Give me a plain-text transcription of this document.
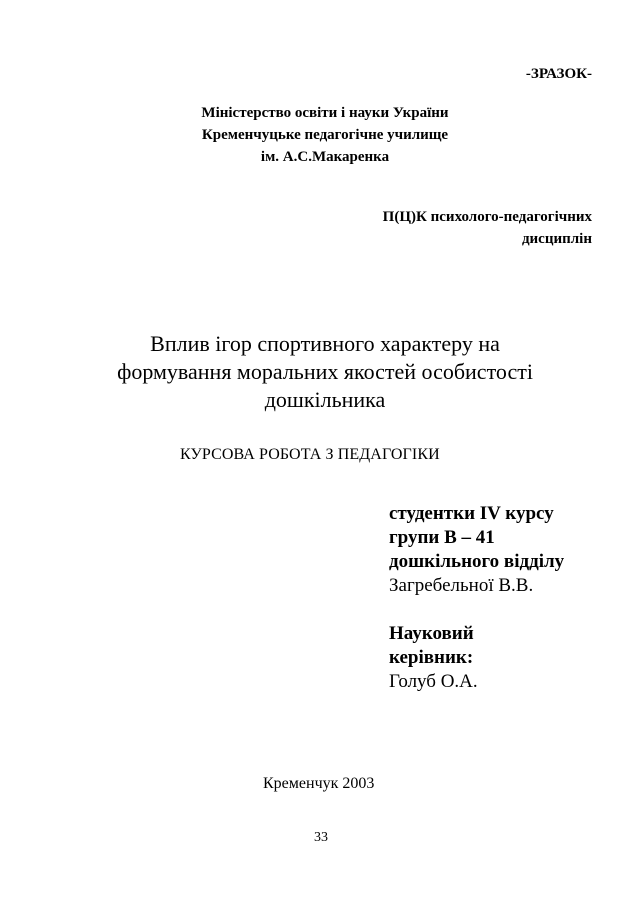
-ЗРАЗОК-
Міністерство освіти і науки України
Кременчуцьке педагогічне училище
ім. А.С.Макаренка
П(Ц)К психолого-педагогічних
дисциплін
Вплив ігор спортивного характеру на
формування моральних якостей особистості
дошкільника
КУРСОВА РОБОТА З ПЕДАГОГІКИ
студентки IV курсу
групи В – 41
дошкільного відділу
Загребельної В.В.
Науковий
керівник:
Голуб О.А.
Кременчук 2003
33
